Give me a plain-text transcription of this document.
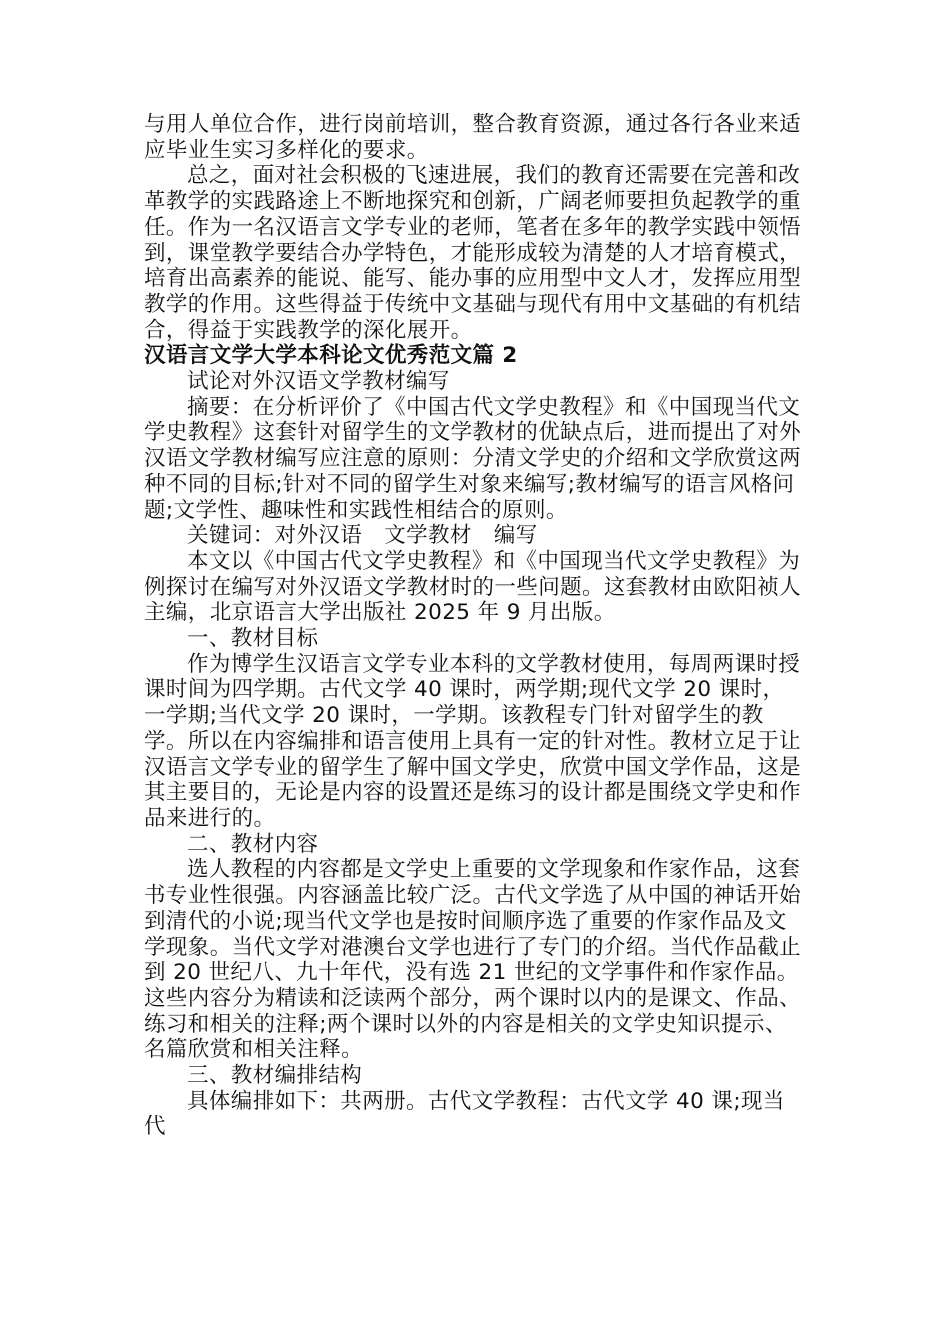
与用人单位合作，进行岗前培训，整合教育资源，通过各行各业来适应毕业生实习多样化的要求。

总之，面对社会积极的飞速进展，我们的教育还需要在完善和改革教学的实践路途上不断地探究和创新，广阔老师要担负起教学的重任。作为一名汉语言文学专业的老师，笔者在多年的教学实践中领悟到，课堂教学要结合办学特色，才能形成较为清楚的人才培育模式，培育出高素养的能说、能写、能办事的应用型中文人才，发挥应用型教学的作用。这些得益于传统中文基础与现代有用中文基础的有机结合，得益于实践教学的深化展开。

汉语言文学大学本科论文优秀范文篇 2

试论对外汉语文学教材编写

摘要：在分析评价了《中国古代文学史教程》和《中国现当代文学史教程》这套针对留学生的文学教材的优缺点后，进而提出了对外汉语文学教材编写应注意的原则：分清文学史的介绍和文学欣赏这两种不同的目标;针对不同的留学生对象来编写;教材编写的语言风格问题;文学性、趣味性和实践性相结合的原则。

关键词：对外汉语 文学教材 编写

本文以《中国古代文学史教程》和《中国现当代文学史教程》为例探讨在编写对外汉语文学教材时的一些问题。这套教材由欧阳祯人主编，北京语言大学出版社 2025 年 9 月出版。

一、教材目标

作为博学生汉语言文学专业本科的文学教材使用，每周两课时授课时间为四学期。古代文学 40 课时，两学期;现代文学 20 课时，一学期;当代文学 20 课时，一学期。该教程专门针对留学生的教学。所以在内容编排和语言使用上具有一定的针对性。教材立足于让汉语言文学专业的留学生了解中国文学史，欣赏中国文学作品，这是其主要目的，无论是内容的设置还是练习的设计都是围绕文学史和作品来进行的。

二、教材内容

选人教程的内容都是文学史上重要的文学现象和作家作品，这套书专业性很强。内容涵盖比较广泛。古代文学选了从中国的神话开始到清代的小说;现当代文学也是按时间顺序选了重要的作家作品及文学现象。当代文学对港澳台文学也进行了专门的介绍。当代作品截止到 20 世纪八、九十年代，没有选 21 世纪的文学事件和作家作品。这些内容分为精读和泛读两个部分，两个课时以内的是课文、作品、练习和相关的注释;两个课时以外的内容是相关的文学史知识提示、名篇欣赏和相关注释。

三、教材编排结构

具体编排如下：共两册。古代文学教程：古代文学 40 课;现当代
